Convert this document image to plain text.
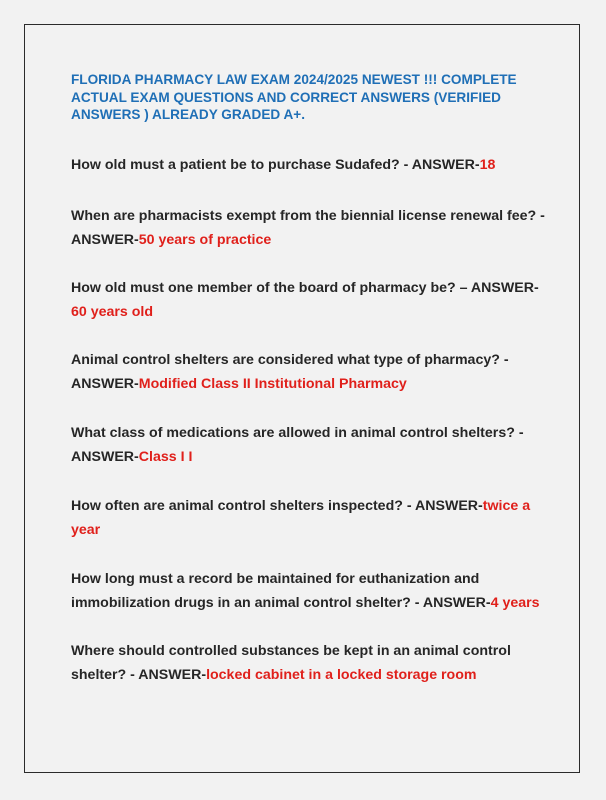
FLORIDA PHARMACY LAW EXAM 2024/2025 NEWEST !!! COMPLETE ACTUAL EXAM QUESTIONS AND CORRECT ANSWERS (VERIFIED ANSWERS ) ALREADY GRADED A+.

How old must a patient be to purchase Sudafed? - ANSWER-18

When are pharmacists exempt from the biennial license renewal fee? - ANSWER-50 years of practice

How old must one member of the board of pharmacy be? – ANSWER-60 years old

Animal control shelters are considered what type of pharmacy? - ANSWER-Modified Class II Institutional Pharmacy

What class of medications are allowed in animal control shelters? - ANSWER-Class I I

How often are animal control shelters inspected? - ANSWER-twice a year

How long must a record be maintained for euthanization and immobilization drugs in an animal control shelter? - ANSWER-4 years

Where should controlled substances be kept in an animal control shelter? - ANSWER-locked cabinet in a locked storage room
